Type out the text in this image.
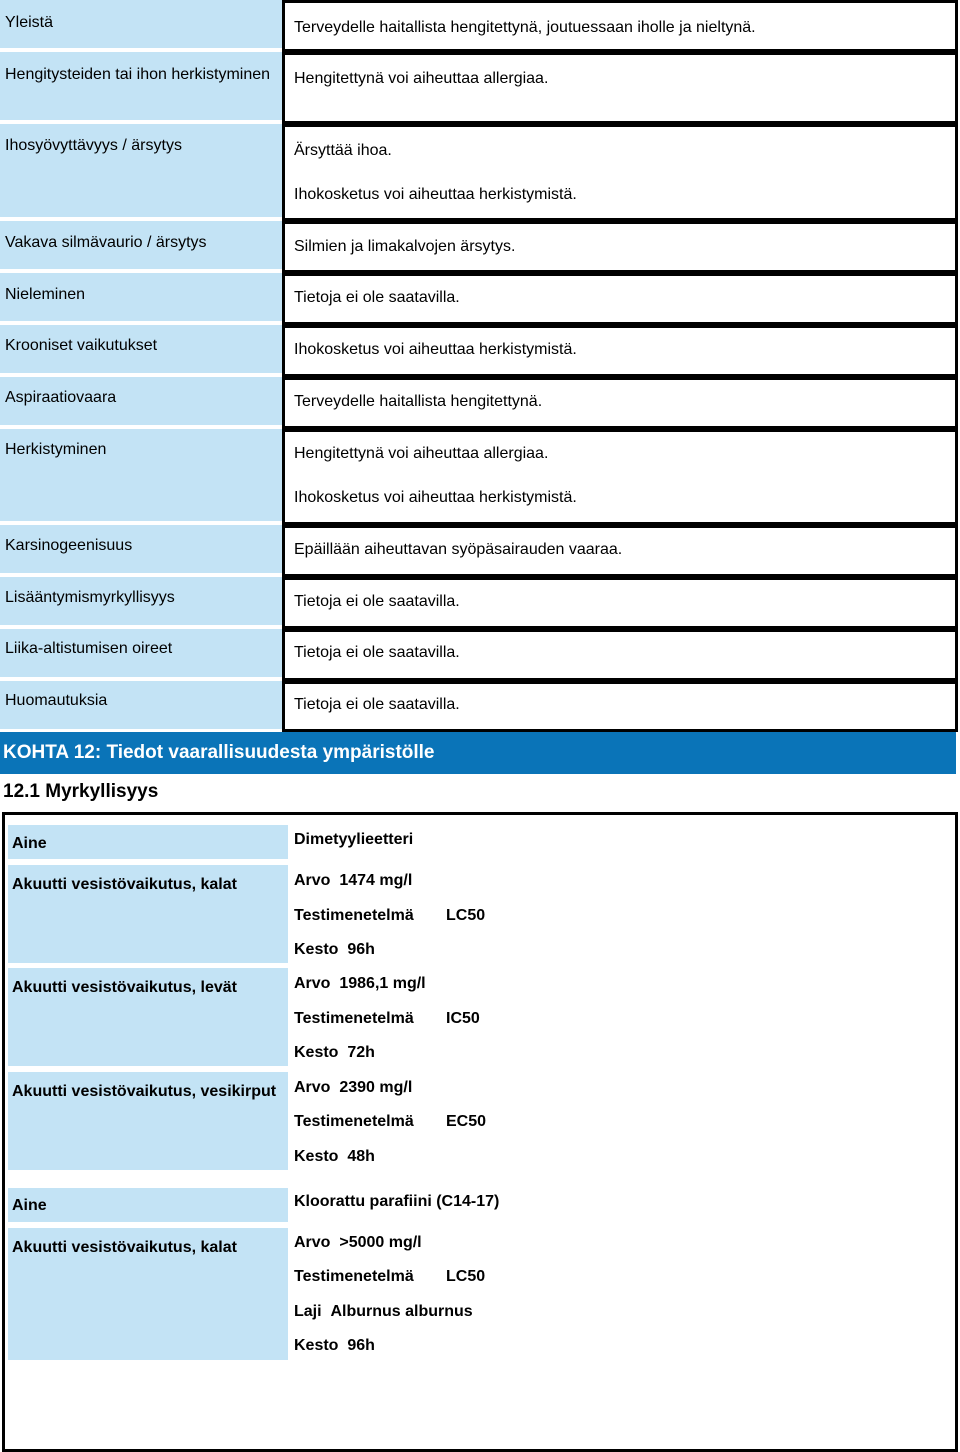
Yleistä	Terveydelle haitallista hengitettynä, joutuessaan iholle ja nieltynä.
Hengitysteiden tai ihon herkistyminen	Hengitettynä voi aiheuttaa allergiaa.
Ihosyövyttävyys / ärsytys	Ärsyttää ihoa.
Ihokosketus voi aiheuttaa herkistymistä.
Vakava silmävaurio / ärsytys	Silmien ja limakalvojen ärsytys.
Nieleminen	Tietoja ei ole saatavilla.
Krooniset vaikutukset	Ihokosketus voi aiheuttaa herkistymistä.
Aspiraatiovaara	Terveydelle haitallista hengitettynä.
Herkistyminen	Hengitettynä voi aiheuttaa allergiaa.
Ihokosketus voi aiheuttaa herkistymistä.
Karsinogeenisuus	Epäillään aiheuttavan syöpäsairauden vaaraa.
Lisääntymismyrkyllisyys	Tietoja ei ole saatavilla.
Liika-altistumisen oireet	Tietoja ei ole saatavilla.
Huomautuksia	Tietoja ei ole saatavilla.
KOHTA 12: Tiedot vaarallisuudesta ympäristölle
12.1 Myrkyllisyys
Aine	Dimetyylieetteri
Akuutti vesistövaikutus, kalat	Arvo 1474 mg/l
Testimenetelmä LC50
Kesto 96h
Akuutti vesistövaikutus, levät	Arvo 1986,1 mg/l
Testimenetelmä IC50
Kesto 72h
Akuutti vesistövaikutus, vesikirput	Arvo 2390 mg/l
Testimenetelmä EC50
Kesto 48h
Aine	Kloorattu parafiini (C14-17)
Akuutti vesistövaikutus, kalat	Arvo >5000 mg/l
Testimenetelmä LC50
Laji Alburnus alburnus
Kesto 96h
